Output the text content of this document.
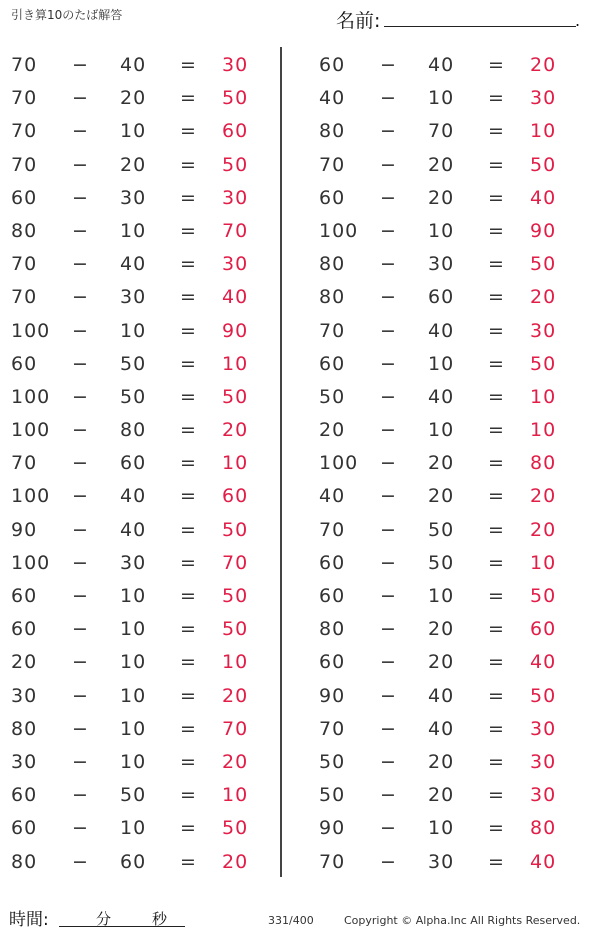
引き算10のたば解答	名前:	.
70 − 40 = 30
70 − 20 = 50
70 − 10 = 60
70 − 20 = 50
60 − 30 = 30
80 − 10 = 70
70 − 40 = 30
70 − 30 = 40
100 − 10 = 90
60 − 50 = 10
100 − 50 = 50
100 − 80 = 20
70 − 60 = 10
100 − 40 = 60
90 − 40 = 50
100 − 30 = 70
60 − 10 = 50
60 − 10 = 50
20 − 10 = 10
30 − 10 = 20
80 − 10 = 70
30 − 10 = 20
60 − 50 = 10
60 − 10 = 50
80 − 60 = 20
60 − 40 = 20
40 − 10 = 30
80 − 70 = 10
70 − 20 = 50
60 − 20 = 40
100 − 10 = 90
80 − 30 = 50
80 − 60 = 20
70 − 40 = 30
60 − 10 = 50
50 − 40 = 10
20 − 10 = 10
100 − 20 = 80
40 − 20 = 20
70 − 50 = 20
60 − 50 = 10
60 − 10 = 50
80 − 20 = 60
60 − 20 = 40
90 − 40 = 50
70 − 40 = 30
50 − 20 = 30
50 − 20 = 30
90 − 10 = 80
70 − 30 = 40
時間:	分	秒	331/400	Copyright © Alpha.Inc All Rights Reserved.
